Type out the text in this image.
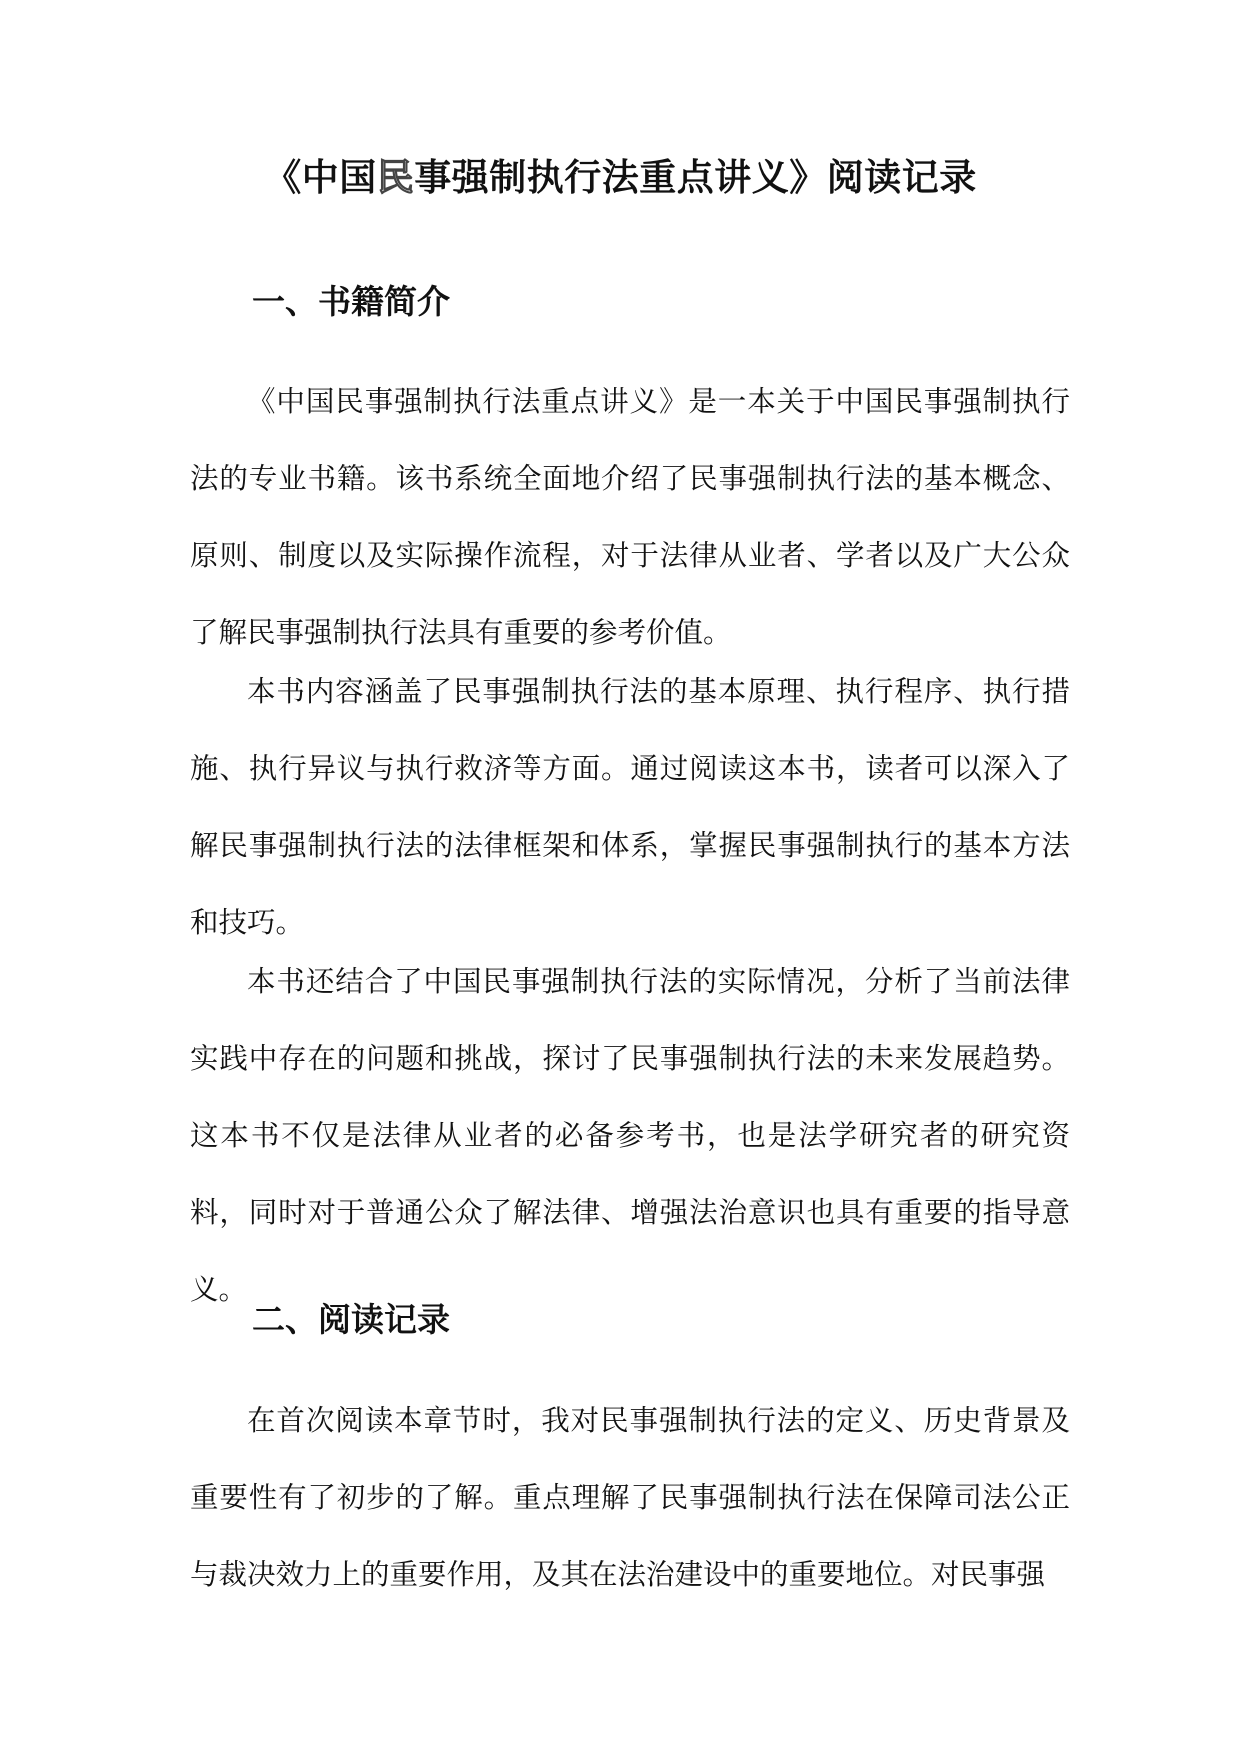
《中国民事强制执行法重点讲义》阅读记录
一、书籍简介

《中国民事强制执行法重点讲义》是一本关于中国民事强制执行法的专业书籍。该书系统全面地介绍了民事强制执行法的基本概念、原则、制度以及实际操作流程，对于法律从业者、学者以及广大公众了解民事强制执行法具有重要的参考价值。

本书内容涵盖了民事强制执行法的基本原理、执行程序、执行措施、执行异议与执行救济等方面。通过阅读这本书，读者可以深入了解民事强制执行法的法律框架和体系，掌握民事强制执行的基本方法和技巧。

本书还结合了中国民事强制执行法的实际情况，分析了当前法律实践中存在的问题和挑战，探讨了民事强制执行法的未来发展趋势。这本书不仅是法律从业者的必备参考书，也是法学研究者的研究资料，同时对于普通公众了解法律、增强法治意识也具有重要的指导意义。

二、阅读记录

在首次阅读本章节时，我对民事强制执行法的定义、历史背景及重要性有了初步的了解。重点理解了民事强制执行法在保障司法公正与裁决效力上的重要作用，及其在法治建设中的重要地位。对民事强
